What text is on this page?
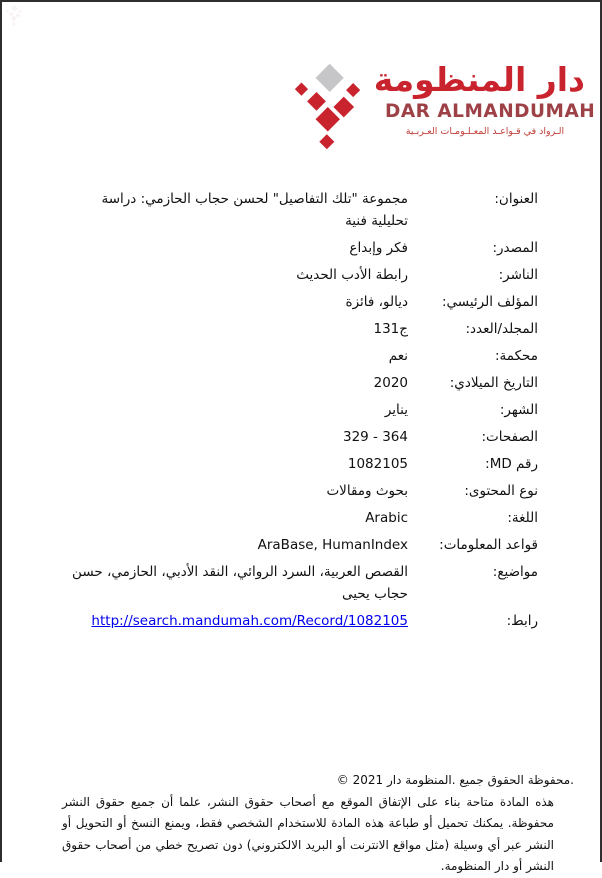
دار المنظومة
DAR ALMANDUMAH
الـرواد في قـواعـد المعـلـومـات العـربـية
العنوان:
مجموعة "تلك التفاصيل" لحسن حجاب الحازمي: دراسة تحليلية فنية
المصدر:
فكر وإبداع
الناشر:
رابطة الأدب الحديث
المؤلف الرئيسي:
ديالو، فائزة
المجلد/العدد:
ج131
محكمة:
نعم
التاريخ الميلادي:
2020
الشهر:
يناير
الصفحات:
329 - 364
رقم MD:
1082105
نوع المحتوى:
بحوث ومقالات
اللغة:
Arabic
قواعد المعلومات:
AraBase, HumanIndex
مواضيع:
القصص العربية، السرد الروائي، النقد الأدبي، الحازمي، حسن حجاب يحيى
رابط:
http://search.mandumah.com/Record/1082105
©‎ 2021‎ دار‎ المنظومة.‎ جميع‎ الحقوق‎ محفوظة.‎

هذه المادة متاحة بناء على الإتفاق الموقع مع أصحاب حقوق النشر، علما أن جميع حقوق النشر محفوظة. يمكنك تحميل أو طباعة هذه المادة للاستخدام الشخصي فقط، ويمنع النسخ أو التحويل أو النشر عبر أي وسيلة (مثل مواقع الانترنت أو البريد الالكتروني) دون تصريح خطي من أصحاب حقوق النشر أو دار المنظومة.
